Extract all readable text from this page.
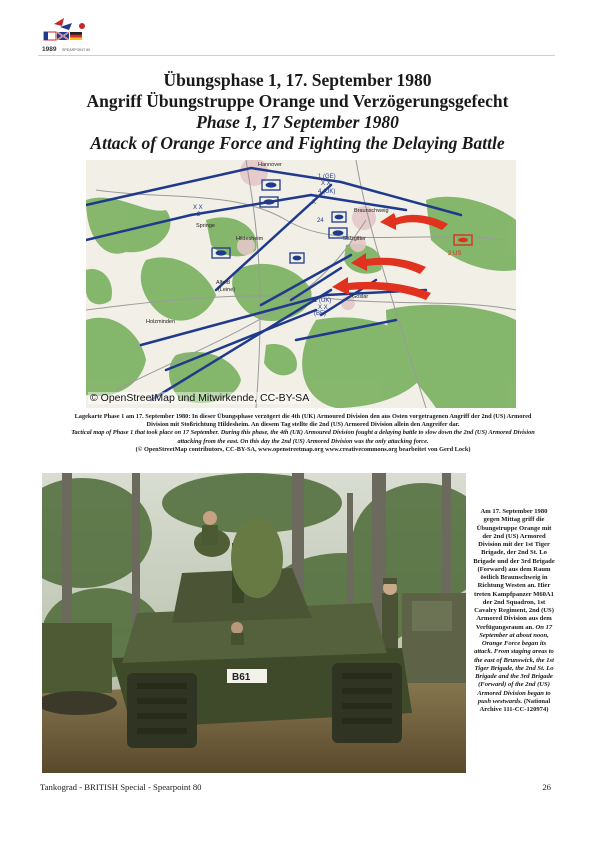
1989 SPEARPOINT 80
Übungsphase 1, 17. September 1980
Angriff Übungstruppe Orange und Verzögerungsgefecht
Phase 1, 17 September 1980
Attack of Orange Force and Fighting the Delaying Battle
Hannover
Braunschweig
Springe
Hildesheim	Salzgitter
Alfeld
(Leine)
Goslar
Holzminden
1 (GE)
X X
4 (UK)
X
24
X X
2
1 (UK)
X X
(BE)
2 US
© OpenStreetMap und Mitwirkende, CC-BY-SA
Lagekarte Phase 1 am 17. September 1980: In dieser Übungsphase verzögert die 4th (UK) Armoured Division den aus Osten vorgetragenen Angriff der 2nd (US) Armored Division mit Stoßrichtung Hildesheim. An diesem Tag stellte die 2nd (US) Armored Division allein den Angreifer dar.
Tactical map of Phase 1 that took place on 17 September. During this phase, the 4th (UK) Armoured Division fought a delaying battle to slow down the 2nd (US) Armored Division attacking from the east. On this day the 2nd (US) Armored Division was the only attacking force.
(© OpenStreetMap contributors, CC-BY-SA, www.openstreetmap.org www.creativecommons.org bearbeitet von Gerd Lock)
B61
Am 17. September 1980 gegen Mittag griff die Übungstruppe Orange mit der 2nd (US) Armored Division mit der 1st Tiger Brigade, der 2nd St. Lo Brigade und der 3rd Brigade (Forward) aus dem Raum östlich Braunschweig in Richtung Westen an. Hier treten Kampfpanzer M60A1 der 2nd Squadron, 1st Cavalry Regiment, 2nd (US) Armored Division aus dem Verfügungsraum an. On 17 September at about noon, Orange Force began its attack. From staging areas to the east of Brunswick, the 1st Tiger Brigade, the 2nd St. Lo Brigade and the 3rd Brigade (Forward) of the 2nd (US) Armored Division began to push westwards. (National Archive 111-CC-120974)
Tankograd - BRITISH Special - Spearpoint 80	26
